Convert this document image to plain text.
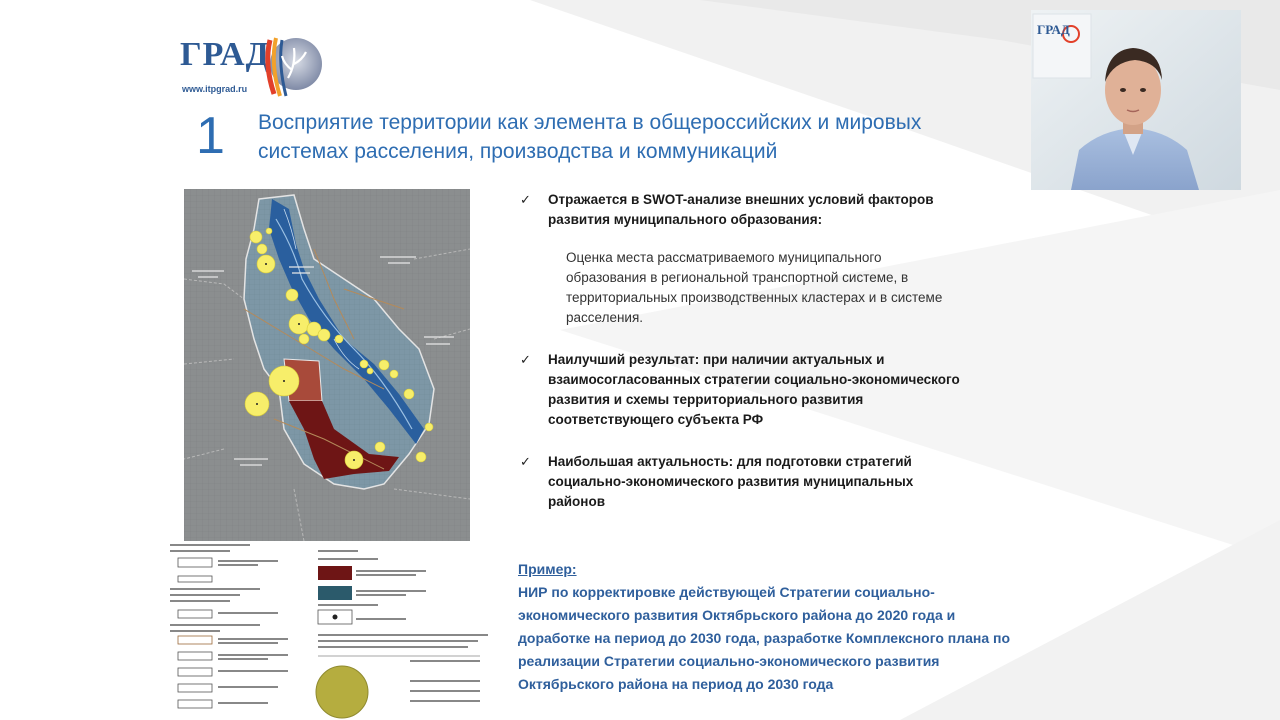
ГРАД
www.itpgrad.ru
1 Восприятие территории как элемента в общероссийских и мировых
системах расселения, производства и коммуникаций
✓ Отражается в SWOT-анализе внешних условий факторов
развития муниципального образования:
Оценка места рассматриваемого муниципального
образования в региональной транспортной системе, в
территориальных производственных кластерах и в системе
расселения.
✓ Наилучший результат: при наличии актуальных и
взаимосогласованных стратегии социально-экономического
развития и схемы территориального развития
соответствующего субъекта РФ
✓ Наибольшая актуальность: для подготовки стратегий
социально-экономического развития муниципальных
районов
Пример:
НИР по корректировке действующей Стратегии социально-
экономического развития Октябрьского района до 2020 года и
доработке на период до 2030 года, разработке Комплексного плана по
реализации Стратегии социально-экономического развития
Октябрьского района на период до 2030 года
ГРАД
